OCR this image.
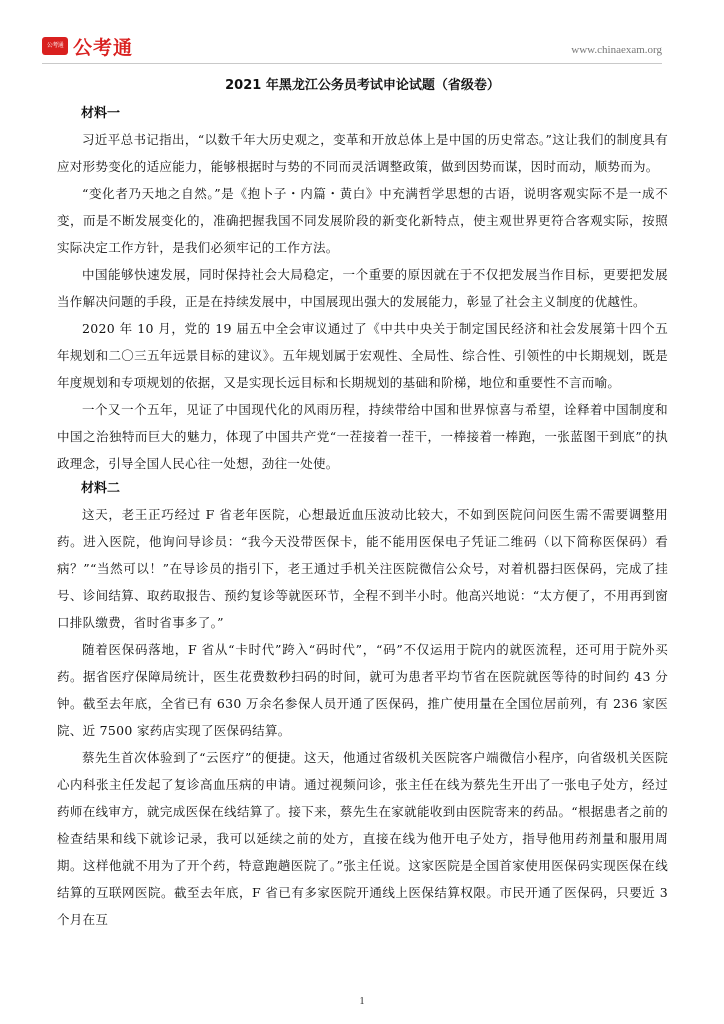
公考通 公考通	www.chinaexam.org
2021 年黑龙江公务员考试申论试题（省级卷）
材料一

习近平总书记指出，“以数千年大历史观之，变革和开放总体上是中国的历史常态。”这让我们的制度具有应对形势变化的适应能力，能够根据时与势的不同而灵活调整政策，做到因势而谋，因时而动，顺势而为。

“变化者乃天地之自然。”是《抱卜子・内篇・黄白》中充满哲学思想的古语，说明客观实际不是一成不变，而是不断发展变化的，准确把握我国不同发展阶段的新变化新特点，使主观世界更符合客观实际，按照实际决定工作方针，是我们必须牢记的工作方法。

中国能够快速发展，同时保持社会大局稳定，一个重要的原因就在于不仅把发展当作目标，更要把发展当作解决问题的手段，正是在持续发展中，中国展现出强大的发展能力，彰显了社会主义制度的优越性。

2020 年 10 月，党的 19 届五中全会审议通过了《中共中央关于制定国民经济和社会发展第十四个五年规划和二〇三五年远景目标的建议》。五年规划属于宏观性、全局性、综合性、引领性的中长期规划，既是年度规划和专项规划的依据，又是实现长远目标和长期规划的基础和阶梯，地位和重要性不言而喻。

一个又一个五年，见证了中国现代化的风雨历程，持续带给中国和世界惊喜与希望，诠释着中国制度和中国之治独特而巨大的魅力，体现了中国共产党“一茬接着一茬干，一棒接着一棒跑，一张蓝图干到底”的执政理念，引导全国人民心往一处想，劲往一处使。

材料二

这天，老王正巧经过 F 省老年医院，心想最近血压波动比较大，不如到医院问问医生需不需要调整用药。进入医院，他询问导诊员：“我今天没带医保卡，能不能用医保电子凭证二维码（以下简称医保码）看病？”“当然可以！”在导诊员的指引下，老王通过手机关注医院微信公众号，对着机器扫医保码，完成了挂号、诊间结算、取药取报告、预约复诊等就医环节，全程不到半小时。他高兴地说：“太方便了，不用再到窗口排队缴费，省时省事多了。”

随着医保码落地，F 省从“卡时代”跨入“码时代”，“码”不仅运用于院内的就医流程，还可用于院外买药。据省医疗保障局统计，医生花费数秒扫码的时间，就可为患者平均节省在医院就医等待的时间约 43 分钟。截至去年底，全省已有 630 万余名参保人员开通了医保码，推广使用量在全国位居前列，有 236 家医院、近 7500 家药店实现了医保码结算。

蔡先生首次体验到了“云医疗”的便捷。这天，他通过省级机关医院客户端微信小程序，向省级机关医院心内科张主任发起了复诊高血压病的申请。通过视频问诊，张主任在线为蔡先生开出了一张电子处方，经过药师在线审方，就完成医保在线结算了。接下来，蔡先生在家就能收到由医院寄来的药品。“根据患者之前的检查结果和线下就诊记录，我可以延续之前的处方，直接在线为他开电子处方，指导他用药剂量和服用周期。这样他就不用为了开个药，特意跑趟医院了。”张主任说。这家医院是全国首家使用医保码实现医保在线结算的互联网医院。截至去年底，F 省已有多家医院开通线上医保结算权限。市民开通了医保码，只要近 3 个月在互

1
